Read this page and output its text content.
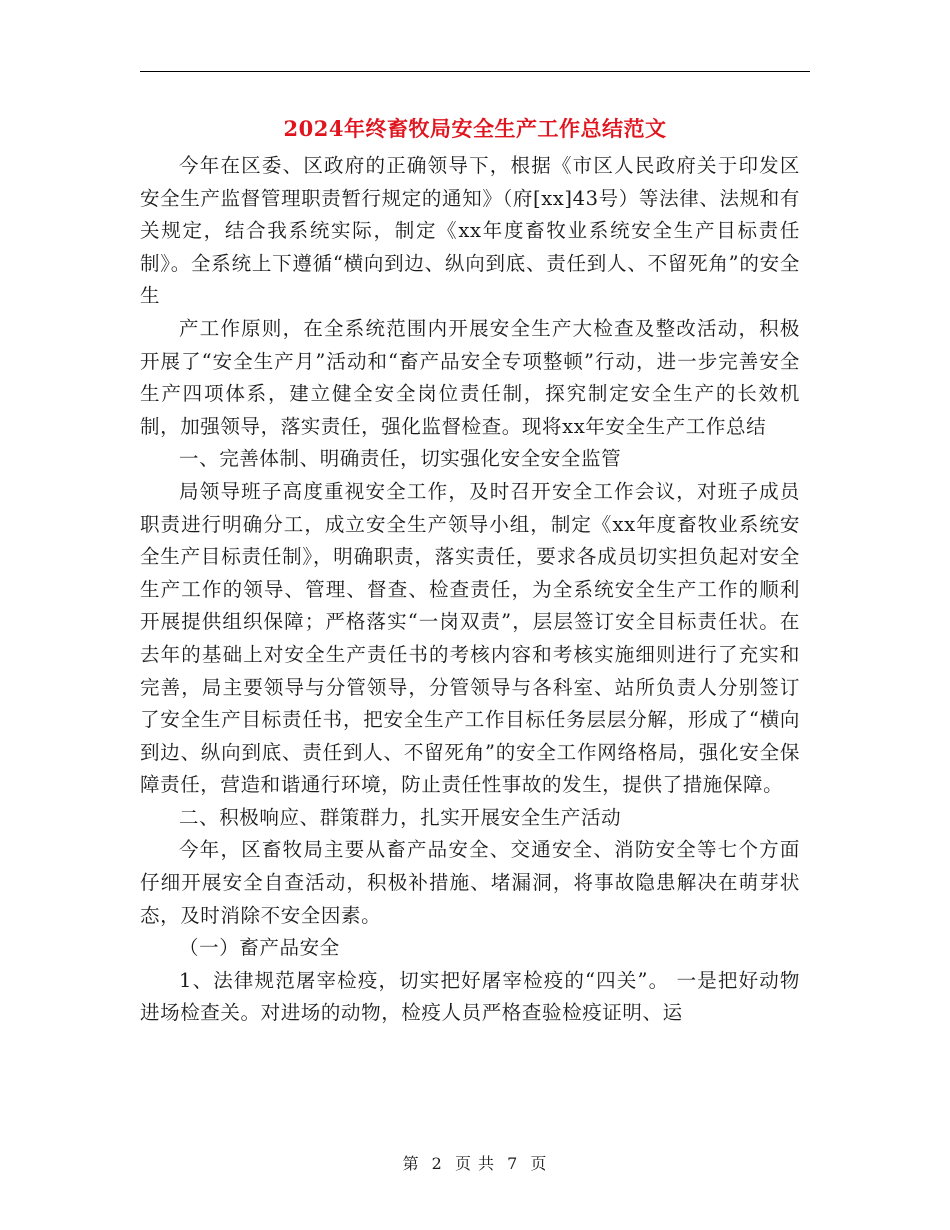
2024年终畜牧局安全生产工作总结范文

今年在区委、区政府的正确领导下，根据《市区人民政府关于印发区安全生产监督管理职责暂行规定的通知》（府[xx]43号）等法律、法规和有关规定，结合我系统实际，制定《xx年度畜牧业系统安全生产目标责任制》。全系统上下遵循“横向到边、纵向到底、责任到人、不留死角”的安全生

产工作原则，在全系统范围内开展安全生产大检查及整改活动，积极开展了“安全生产月”活动和“畜产品安全专项整顿”行动，进一步完善安全生产四项体系，建立健全安全岗位责任制，探究制定安全生产的长效机制，加强领导，落实责任，强化监督检查。现将xx年安全生产工作总结

一、完善体制、明确责任，切实强化安全安全监管

局领导班子高度重视安全工作，及时召开安全工作会议，对班子成员职责进行明确分工，成立安全生产领导小组，制定《xx年度畜牧业系统安全生产目标责任制》，明确职责，落实责任，要求各成员切实担负起对安全生产工作的领导、管理、督查、检查责任，为全系统安全生产工作的顺利开展提供组织保障；严格落实“一岗双责”，层层签订安全目标责任状。在去年的基础上对安全生产责任书的考核内容和考核实施细则进行了充实和完善，局主要领导与分管领导，分管领导与各科室、站所负责人分别签订了安全生产目标责任书，把安全生产工作目标任务层层分解，形成了“横向到边、纵向到底、责任到人、不留死角”的安全工作网络格局，强化安全保障责任，营造和谐通行环境，防止责任性事故的发生，提供了措施保障。

二、积极响应、群策群力，扎实开展安全生产活动

今年，区畜牧局主要从畜产品安全、交通安全、消防安全等七个方面仔细开展安全自查活动，积极补措施、堵漏洞，将事故隐患解决在萌芽状态，及时消除不安全因素。

（一）畜产品安全

1、法律规范屠宰检疫，切实把好屠宰检疫的“四关”。 一是把好动物进场检查关。对进场的动物，检疫人员严格查验检疫证明、运

第 2 页 共 7 页
